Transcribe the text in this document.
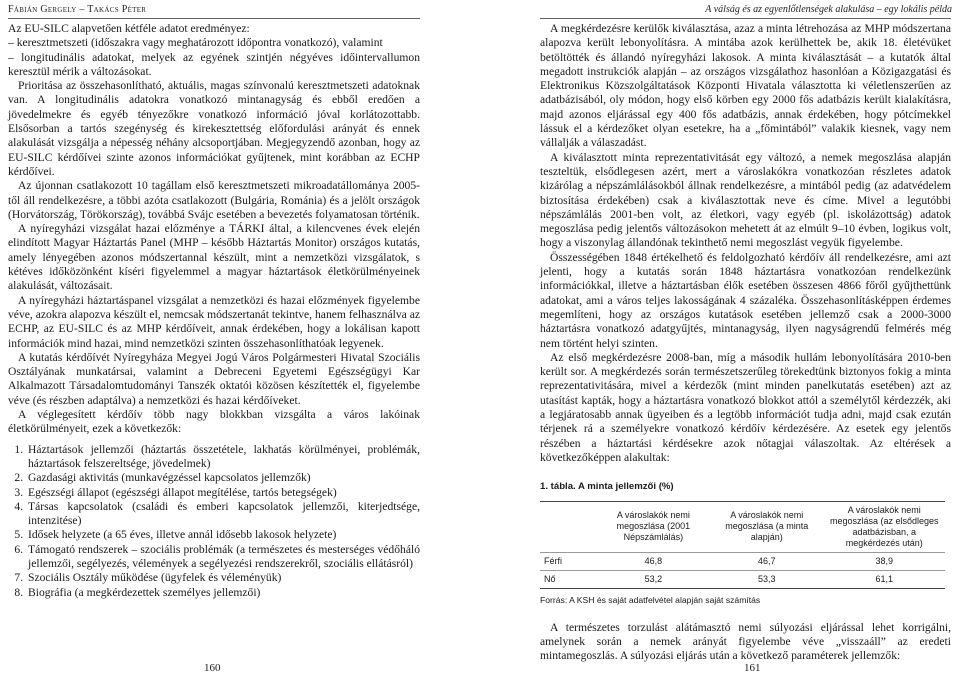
Fábián Gergely – Takács Péter	A válság és az egyenlőtlenségek alakulása – egy lokális példa

Az EU-SILC alapvetően kétféle adatot eredményez:

– keresztmetszeti (időszakra vagy meghatározott időpontra vonatkozó), valamint
– longitudinális adatokat, melyek az egyének szintjén négyéves időintervallumon keresztül mérik a változásokat.

Prioritása az összehasonlítható, aktuális, magas színvonalú keresztmetszeti adatoknak van. A longitudinális adatokra vonatkozó mintanagyság és ebből eredően a jövedelmekre és egyéb tényezőkre vonatkozó információ jóval korlátozottabb. Elsősorban a tartós szegénység és kirekesztettség előfordulási arányát és ennek alakulását vizsgálja a népesség néhány alcsoportjában. Megjegyzendő azonban, hogy az EU-SILC kérdőívei szinte azonos információkat gyűjtenek, mint korábban az ECHP kérdőívei.

Az újonnan csatlakozott 10 tagállam első keresztmetszeti mikroadatállománya 2005-től áll rendelkezésre, a többi azóta csatlakozott (Bulgária, Románia) és a jelölt országok (Horvátország, Törökország), továbbá Svájc esetében a bevezetés folyamatosan történik.

A nyíregyházi vizsgálat hazai előzménye a TÁRKI által, a kilencvenes évek elején elindított Magyar Háztartás Panel (MHP – később Háztartás Monitor) országos kutatás, amely lényegében azonos módszertannal készült, mint a nemzetközi vizsgálatok, s kétéves időközönként kíséri figyelemmel a magyar háztartások életkörülményeinek alakulását, változásait.

A nyíregyházi háztartáspanel vizsgálat a nemzetközi és hazai előzmények figyelembe véve, azokra alapozva készült el, nemcsak módszertanát tekintve, hanem felhasználva az ECHP, az EU-SILC és az MHP kérdőíveit, annak érdekében, hogy a lokálisan kapott információk mind hazai, mind nemzetközi szinten összehasonlíthatóak legyenek.

A kutatás kérdőívét Nyíregyháza Megyei Jogú Város Polgármesteri Hivatal Szociális Osztályának munkatársai, valamint a Debreceni Egyetemi Egészségügyi Kar Alkalmazott Társadalomtudományi Tanszék oktatói közösen készítették el, figyelembe véve (és részben adaptálva) a nemzetközi és hazai kérdőíveket.

A véglegesített kérdőív több nagy blokkban vizsgálta a város lakóinak életkörülményeit, ezek a következők:

1. Háztartások jellemzői (háztartás összetétele, lakhatás körülményei, problémák, háztartások felszereltsége, jövedelmek)
2. Gazdasági aktivitás (munkavégzéssel kapcsolatos jellemzők)
3. Egészségi állapot (egészségi állapot megítélése, tartós betegségek)
4. Társas kapcsolatok (családi és emberi kapcsolatok jellemzői, kiterjedtsége, intenzitése)
5. Idősek helyzete (a 65 éves, illetve annál idősebb lakosok helyzete)
6. Támogató rendszerek – szociális problémák (a természetes és mesterséges védőháló jellemzői, segélyezés, vélemények a segélyezési rendszerekről, szociális ellátásról)
7. Szociális Osztály működése (ügyfelek és véleményük)
8. Biográfia (a megkérdezettek személyes jellemzői)

A megkérdezésre kerülők kiválasztása, azaz a minta létrehozása az MHP módszertana alapozva került lebonyolításra. A mintába azok kerülhettek be, akik 18. életévüket betöltötték és állandó nyíregyházi lakosok. A minta kiválasztását – a kutatók által megadott instrukciók alapján – az országos vizsgálathoz hasonlóan a Közigazgatási és Elektronikus Közszolgáltatások Központi Hivatala választotta ki véletlenszerűen az adatbázisából, oly módon, hogy első körben egy 2000 fős adatbázis került kialakításra, majd azonos eljárással egy 400 fős adatbázis, annak érdekében, hogy pótcímekkel lássuk el a kérdezőket olyan esetekre, ha a „főmintából” valakik kiesnek, vagy nem vállalják a válaszadást.

A kiválasztott minta reprezentativitását egy változó, a nemek megoszlása alapján teszteltük, elsődlegesen azért, mert a városlakókra vonatkozóan részletes adatok kizárólag a népszámlálásokból állnak rendelkezésre, a mintából pedig (az adatvédelem biztosítása érdekében) csak a kiválasztottak neve és címe. Mivel a legutóbbi népszámlálás 2001-ben volt, az életkori, vagy egyéb (pl. iskolázottság) adatok megoszlása pedig jelentős változásokon mehetett át az elmúlt 9–10 évben, logikus volt, hogy a viszonylag állandónak tekinthető nemi megoszlást vegyük figyelembe.

Összességében 1848 értékelhető és feldolgozható kérdőív áll rendelkezésre, ami azt jelenti, hogy a kutatás során 1848 háztartásra vonatkozóan rendelkezünk információkkal, illetve a háztartásban élők esetében összesen 4866 főről gyűjthettünk adatokat, ami a város teljes lakosságának 4 százaléka. Összehasonlításképpen érdemes megemlíteni, hogy az országos kutatások esetében jellemző csak a 2000-3000 háztartásra vonatkozó adatgyűjtés, mintanagyság, ilyen nagyságrendű felmérés még nem történt helyi szinten.

Az első megkérdezésre 2008-ban, míg a második hullám lebonyolítására 2010-ben került sor. A megkérdezés során természetszerűleg törekedtünk biztonyos fokig a minta reprezentativitására, mivel a kérdezők (mint minden panelkutatás esetében) azt az utasítást kapták, hogy a háztartásra vonatkozó blokkot attól a személytől kérdezzék, aki a legjáratosabb annak ügyeiben és a legtöbb információt tudja adni, majd csak ezután térjenek rá a személyekre vonatkozó kérdőív kérdezésére. Az esetek egy jelentős részében a háztartási kérdésekre azok nőtagjai válaszoltak. Az eltérések a következőképpen alakultak:

1. tábla. A minta jellemzői (%)
	A városlakók nemi megoszlása (2001 Népszámlálás)	A városlakók nemi megoszlása (a minta alapján)	A városlakók nemi megoszlása (az elsődleges adatbázisban, a megkérdezés után)
Férfi	46,8	46,7	38,9
Nő	53,2	53,3	61,1
Forrás: A KSH és saját adatfelvétel alapján saját számítás

A természetes torzulást alátámasztó nemi súlyozási eljárással lehet korrigálni, amelynek során a nemek arányát figyelembe véve „visszaáll” az eredeti mintamegoszlás. A súlyozási eljárás után a következő paraméterek jellemzők:

160	161
